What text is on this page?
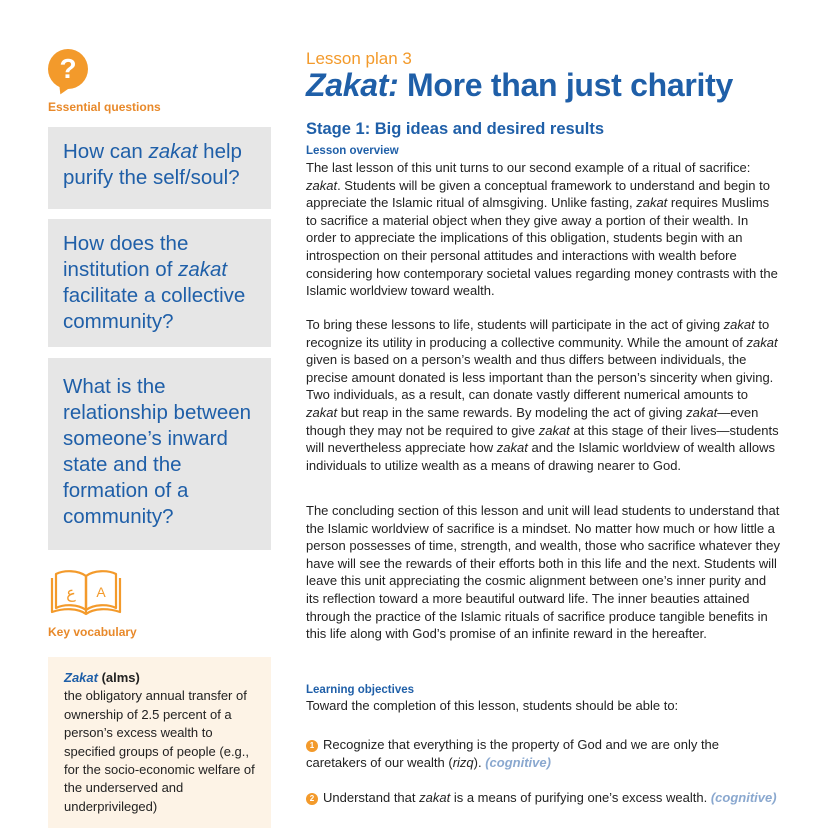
?
Essential questions
How can zakat help purify the self/soul?
How does the institution of zakat facilitate a collective community?
What is the relationship between someone’s inward state and the formation of a community?
ع A
Key vocabulary
Zakat (alms)
the obligatory annual transfer of ownership of 2.5 percent of a person’s excess wealth to specified groups of people (e.g., for the socio-economic welfare of the underserved and underprivileged)
Lesson plan 3
Zakat: More than just charity
Stage 1: Big ideas and desired results
Lesson overview
The last lesson of this unit turns to our second example of a ritual of sacrifice: zakat. Students will be given a conceptual framework to understand and begin to appreciate the Islamic ritual of almsgiving. Unlike fasting, zakat requires Muslims to sacrifice a material object when they give away a portion of their wealth. In order to appreciate the implications of this obligation, students begin with an introspection on their personal attitudes and interactions with wealth before considering how contemporary societal values regarding money contrasts with the Islamic worldview toward wealth.
To bring these lessons to life, students will participate in the act of giving zakat to recognize its utility in producing a collective community. While the amount of zakat given is based on a person’s wealth and thus differs between individuals, the precise amount donated is less important than the person’s sincerity when giving. Two individuals, as a result, can donate vastly different numerical amounts to zakat but reap in the same rewards. By modeling the act of giving zakat—even though they may not be required to give zakat at this stage of their lives—students will nevertheless appreciate how zakat and the Islamic worldview of wealth allows individuals to utilize wealth as a means of drawing nearer to God.
The concluding section of this lesson and unit will lead students to understand that the Islamic worldview of sacrifice is a mindset. No matter how much or how little a person possesses of time, strength, and wealth, those who sacrifice whatever they have will see the rewards of their efforts both in this life and the next. Students will leave this unit appreciating the cosmic alignment between one’s inner purity and its reflection toward a more beautiful outward life. The inner beauties attained through the practice of the Islamic rituals of sacrifice produce tangible benefits in this life along with God’s promise of an infinite reward in the hereafter.
Learning objectives
Toward the completion of this lesson, students should be able to:
1 Recognize that everything is the property of God and we are only the caretakers of our wealth (rizq). (cognitive)
2 Understand that zakat is a means of purifying one’s excess wealth. (cognitive)
